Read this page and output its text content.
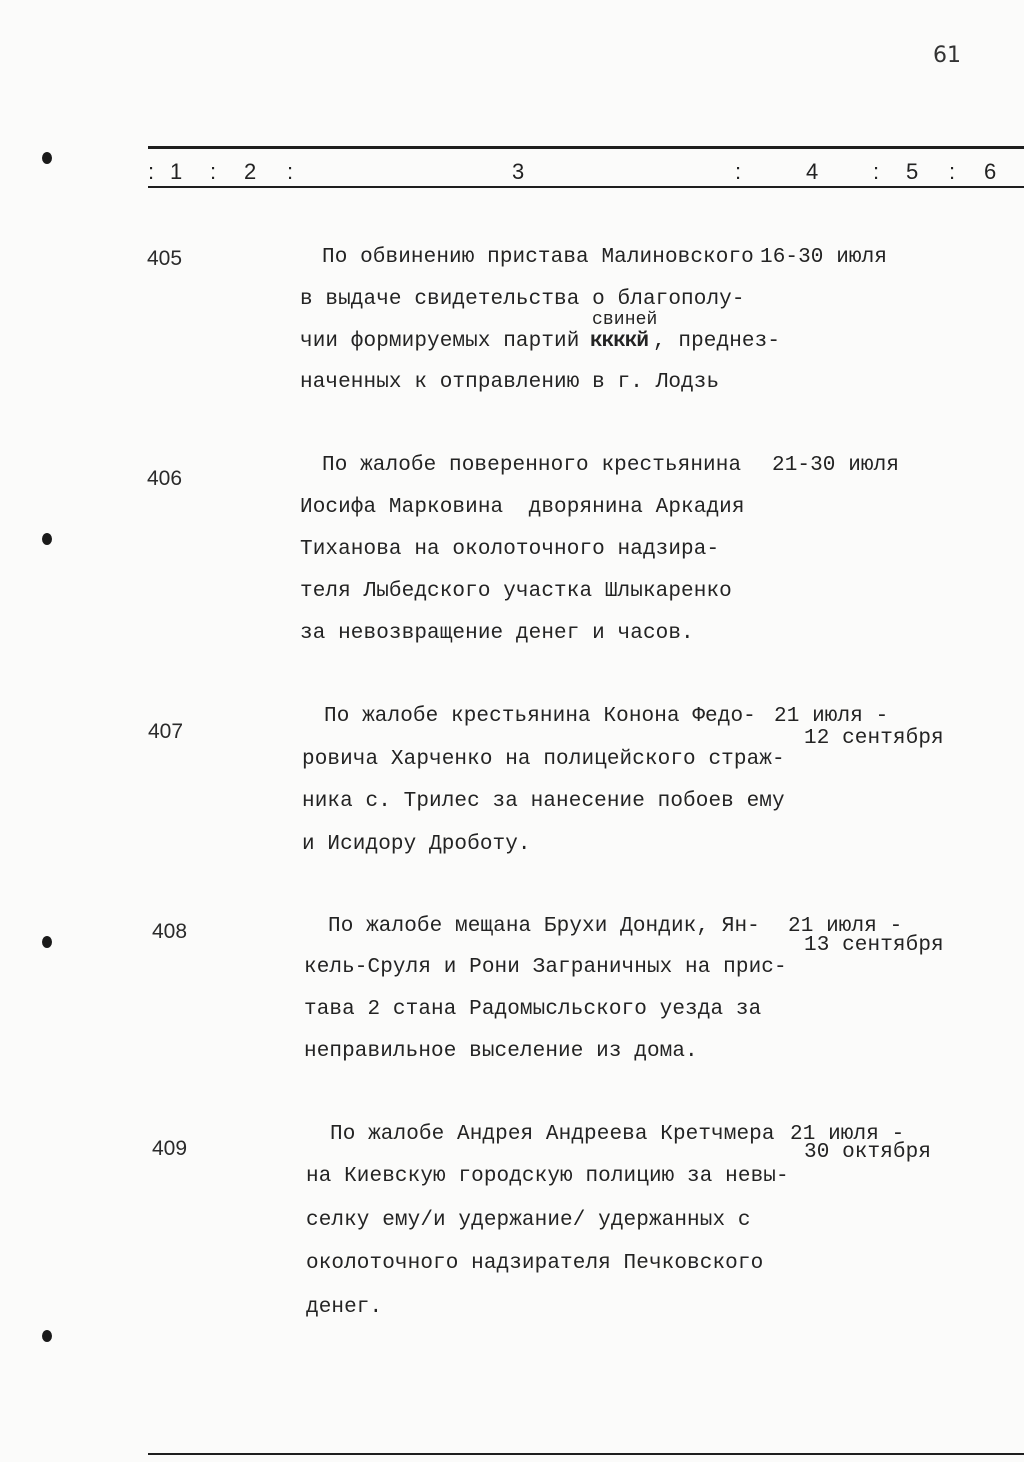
61
: 1 : 2 :	3	:	4 : 5 : 6
405	По обвинению пристава Малиновского 16-30 июля
в выдаче свидетельства о благополу-
свиней
чии формируемых партий
ккккй , преднез-
наченных к отправлению в г. Лодзь
406
По жалобе поверенного крестьянина 21-30 июля
Иосифа Марковина  дворянина Аркадия
Тиханова на околоточного надзира-
теля Лыбедского участка Шлыкаренко
за невозвращение денег и часов.
407
По жалобе крестьянина Конона Федо- 21 июля -
12 сентября
ровича Харченко на полицейского страж-
ника с. Трилес за нанесение побоев ему
и Исидору Дроботу.
408	По жалобе мещана Брухи Дондик, Ян- 21 июля -
13 сентября
кель-Сруля и Рони Заграничных на прис-
тава 2 стана Радомысльского уезда за
неправильное выселение из дома.
409
По жалобе Андрея Андреева Кретчмера 21 июля -
30 октября
на Киевскую городскую полицию за невы-
селку ему/и удержание/ удержанных с
околоточного надзирателя Печковского
денег.
